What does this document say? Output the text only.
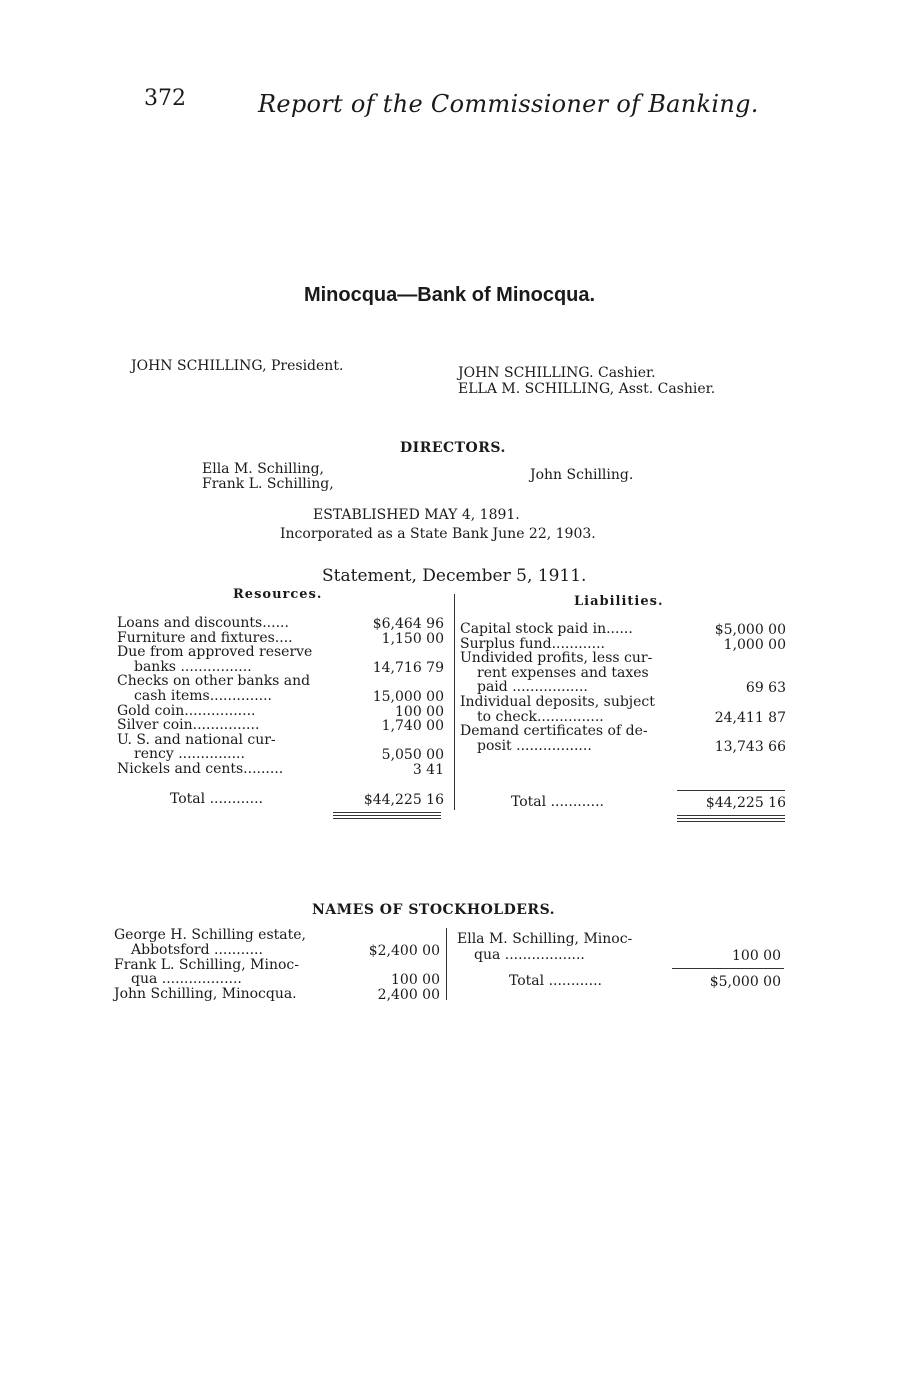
372	Report of the Commissioner of Banking.
Minocqua—Bank of Minocqua.
JOHN SCHILLING, President.	JOHN SCHILLING. Cashier.
ELLA M. SCHILLING, Asst. Cashier.
DIRECTORS.
Ella M. Schilling,
Frank L. Schilling,
John Schilling.
ESTABLISHED MAY 4, 1891.
Incorporated as a State Bank June 22, 1903.
Statement, December 5, 1911.
Resources.	Liabilities.
Loans and discounts......	$6,464 96
Furniture and fixtures....	1,150 00
Due from approved reserve
banks ................	14,716 79
Checks on other banks and
cash items..............	15,000 00
Gold coin................	100 00
Silver coin...............	1,740 00
U. S. and national cur-
rency ...............	5,050 00
Nickels and cents.........	3 41
Capital stock paid in......	$5,000 00
Surplus fund............	1,000 00
Undivided profits, less cur-
rent expenses and taxes
paid .................	69 63
Individual deposits, subject
to check...............	24,411 87
Demand certificates of de-
posit .................	13,743 66
Total ............	$44,225 16	Total ............	$44,225 16
NAMES OF STOCKHOLDERS.
George H. Schilling estate,
Abbotsford ...........	$2,400 00
Frank L. Schilling, Minoc-
qua ..................	100 00
John Schilling, Minocqua.	2,400 00
Ella M. Schilling, Minoc-
qua ..................	100 00
Total ............	$5,000 00
